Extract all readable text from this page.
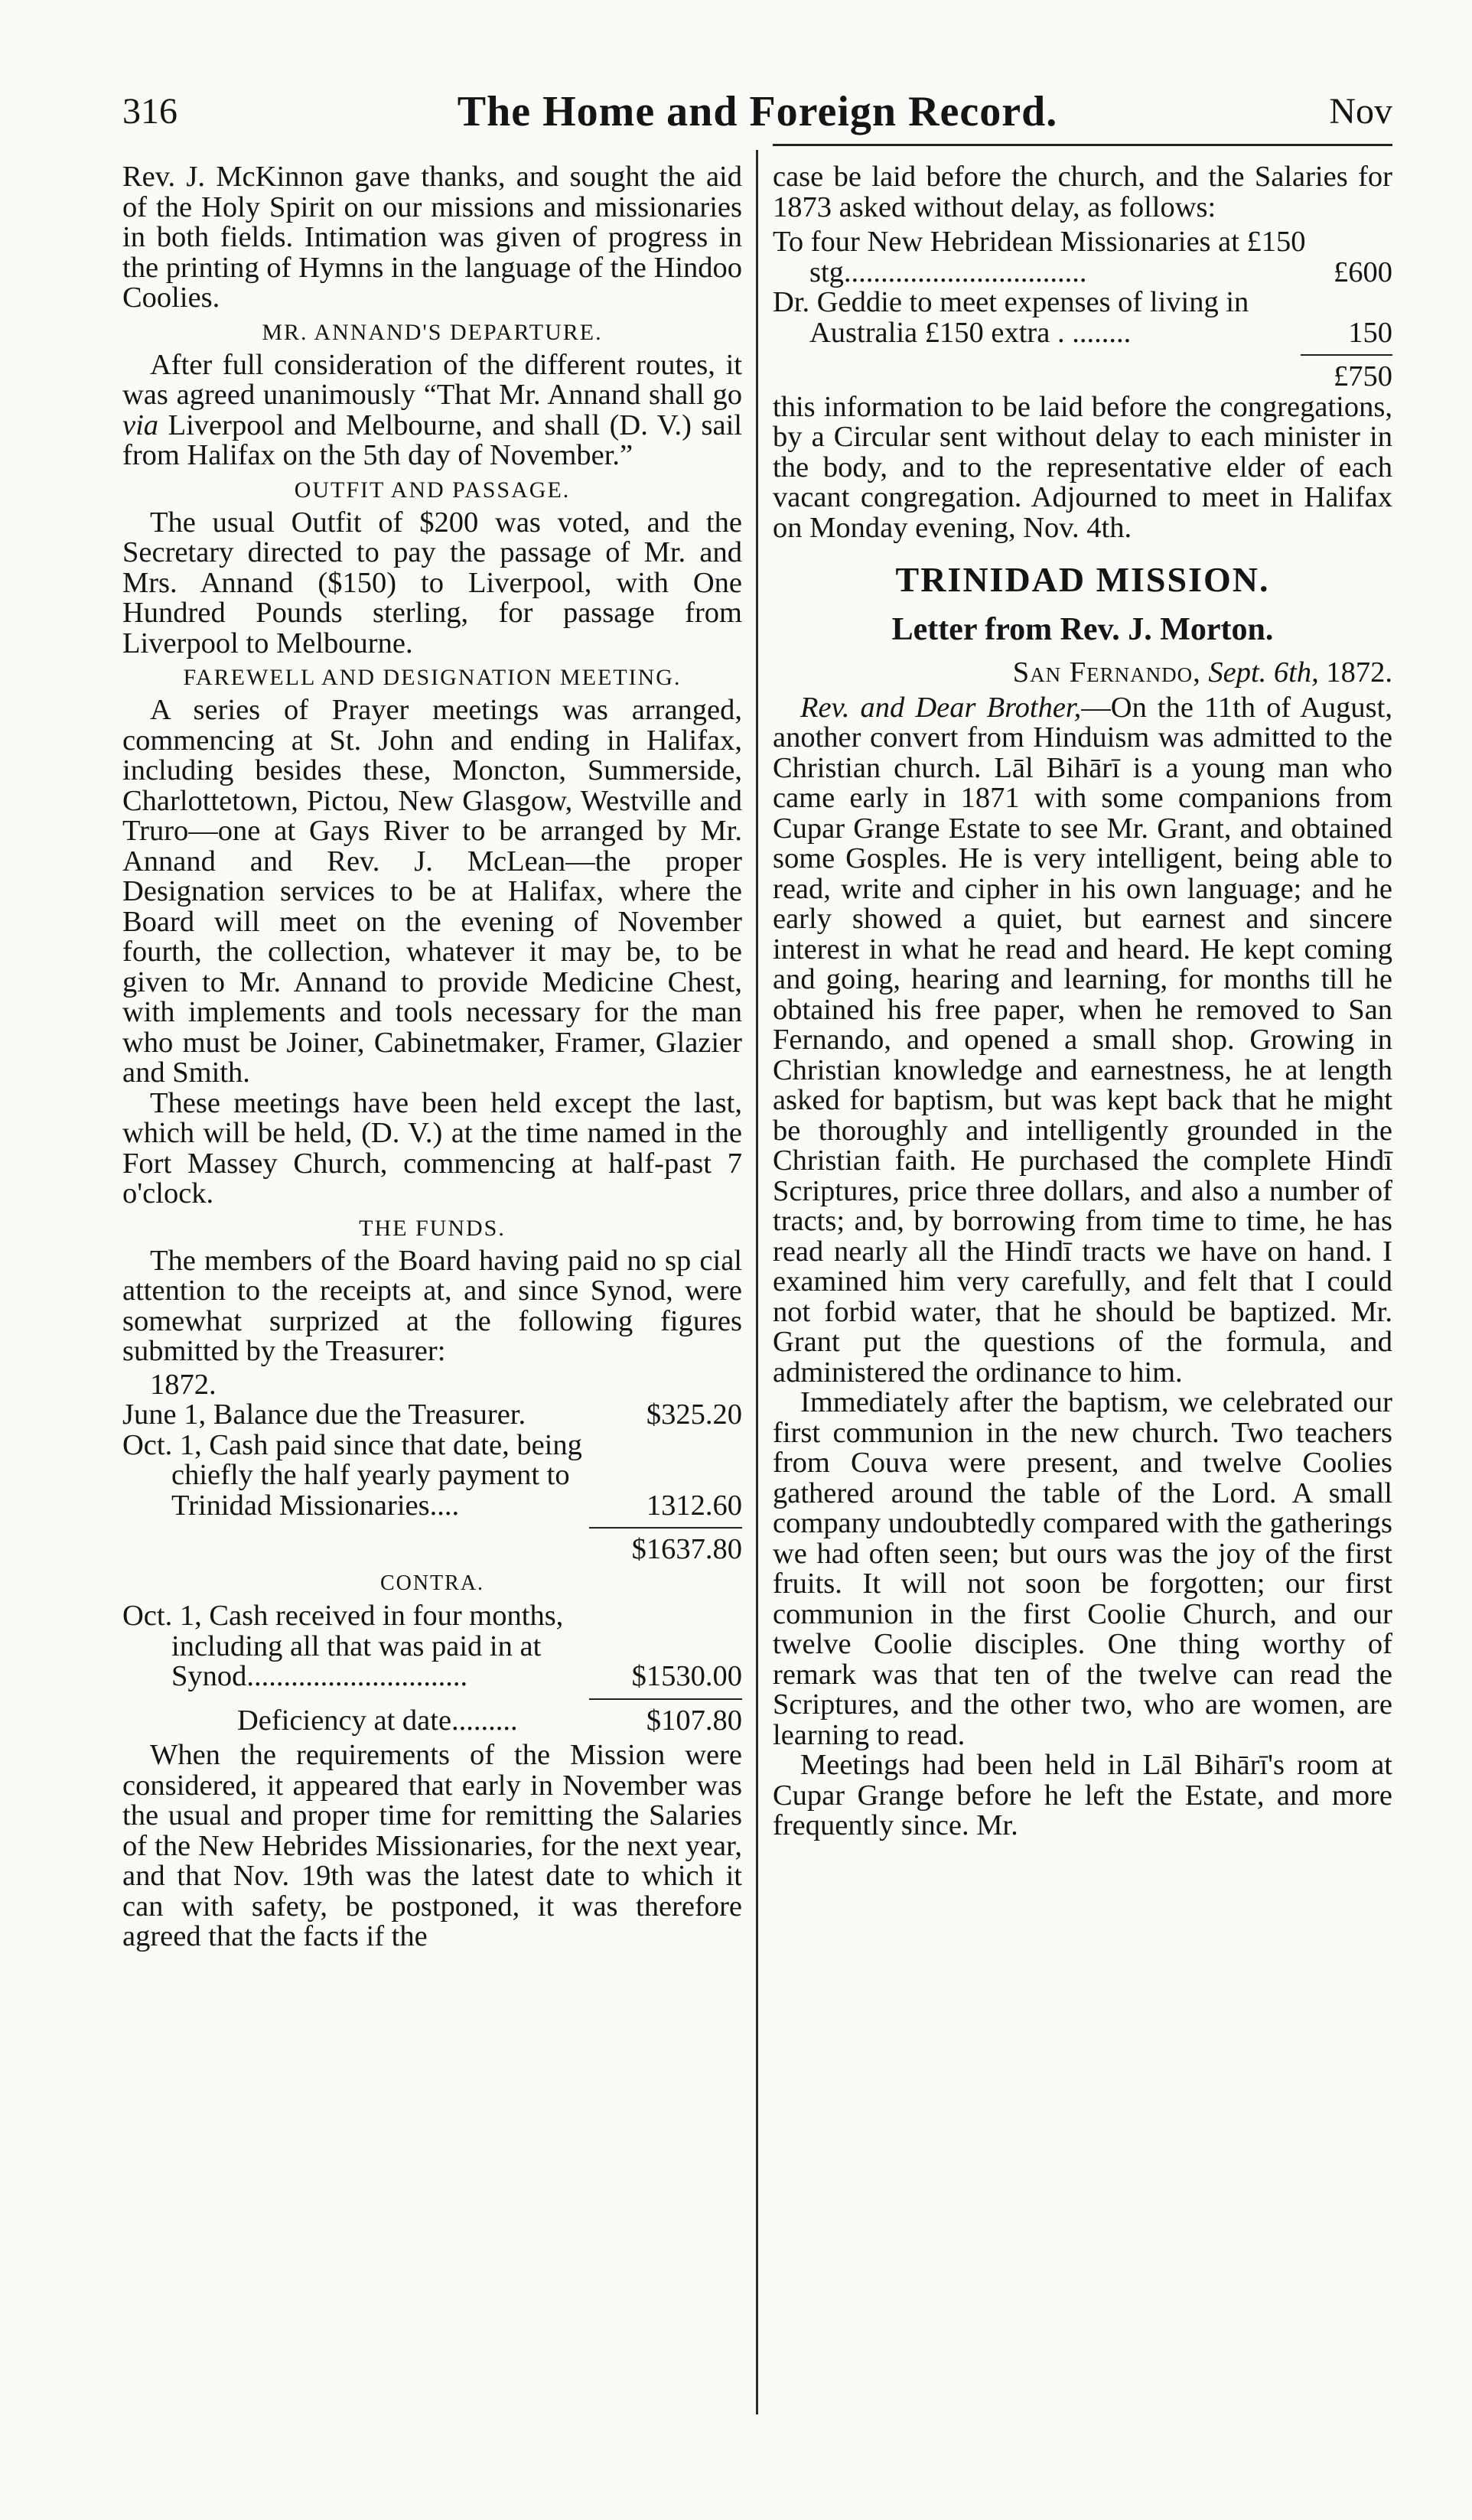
316	The Home and Foreign Record.	Nov

Rev. J. McKinnon gave thanks, and sought the aid of the Holy Spirit on our missions and missionaries in both fields. Intimation was given of progress in the printing of Hymns in the language of the Hindoo Coolies.

MR. ANNAND'S DEPARTURE.

After full consideration of the different routes, it was agreed unanimously “That Mr. Annand shall go via Liverpool and Melbourne, and shall (D. V.) sail from Halifax on the 5th day of November.”

OUTFIT AND PASSAGE.

The usual Outfit of $200 was voted, and the Secretary directed to pay the passage of Mr. and Mrs. Annand ($150) to Liverpool, with One Hundred Pounds sterling, for passage from Liverpool to Melbourne.

FAREWELL AND DESIGNATION MEETING.

A series of Prayer meetings was arranged, commencing at St. John and ending in Halifax, including besides these, Moncton, Summerside, Charlottetown, Pictou, New Glasgow, Westville and Truro—one at Gays River to be arranged by Mr. Annand and Rev. J. McLean—the proper Designation services to be at Halifax, where the Board will meet on the evening of November fourth, the collection, whatever it may be, to be given to Mr. Annand to provide Medicine Chest, with implements and tools necessary for the man who must be Joiner, Cabinetmaker, Framer, Glazier and Smith.

These meetings have been held except the last, which will be held, (D. V.) at the time named in the Fort Massey Church, commencing at half-past 7 o'clock.

THE FUNDS.

The members of the Board having paid no sp cial attention to the receipts at, and since Synod, were somewhat surprized at the following figures submitted by the Treasurer:

1872.
June 1, Balance due the Treasurer.	$325.20
Oct. 1, Cash paid since that date, being chiefly the half yearly payment to Trinidad Missionaries....	1312.60
$1637.80
CONTRA.
Oct. 1, Cash received in four months, including all that was paid in at Synod..............................	$1530.00
Deficiency at date.........	$107.80

When the requirements of the Mission were considered, it appeared that early in November was the usual and proper time for remitting the Salaries of the New Hebrides Missionaries, for the next year, and that Nov. 19th was the latest date to which it can with safety, be postponed, it was therefore agreed that the facts if the

case be laid before the church, and the Salaries for 1873 asked without delay, as follows:

To four New Hebridean Missionaries at £150 stg.................................	£600
Dr. Geddie to meet expenses of living in Australia £150 extra . ........	150
£750

this information to be laid before the congregations, by a Circular sent without delay to each minister in the body, and to the representative elder of each vacant congregation. Adjourned to meet in Halifax on Monday evening, Nov. 4th.

TRINIDAD MISSION.
Letter from Rev. J. Morton.
San Fernando, Sept. 6th, 1872.

Rev. and Dear Brother,—On the 11th of August, another convert from Hinduism was admitted to the Christian church. Lāl Bihārī is a young man who came early in 1871 with some companions from Cupar Grange Estate to see Mr. Grant, and obtained some Gosples. He is very intelligent, being able to read, write and cipher in his own language; and he early showed a quiet, but earnest and sincere interest in what he read and heard. He kept coming and going, hearing and learning, for months till he obtained his free paper, when he removed to San Fernando, and opened a small shop. Growing in Christian knowledge and earnestness, he at length asked for baptism, but was kept back that he might be thoroughly and intelligently grounded in the Christian faith. He purchased the complete Hindī Scriptures, price three dollars, and also a number of tracts; and, by borrowing from time to time, he has read nearly all the Hindī tracts we have on hand. I examined him very carefully, and felt that I could not forbid water, that he should be baptized. Mr. Grant put the questions of the formula, and administered the ordinance to him.

Immediately after the baptism, we celebrated our first communion in the new church. Two teachers from Couva were present, and twelve Coolies gathered around the table of the Lord. A small company undoubtedly compared with the gatherings we had often seen; but ours was the joy of the first fruits. It will not soon be forgotten; our first communion in the first Coolie Church, and our twelve Coolie disciples. One thing worthy of remark was that ten of the twelve can read the Scriptures, and the other two, who are women, are learning to read.

Meetings had been held in Lāl Bihārī's room at Cupar Grange before he left the Estate, and more frequently since. Mr.
